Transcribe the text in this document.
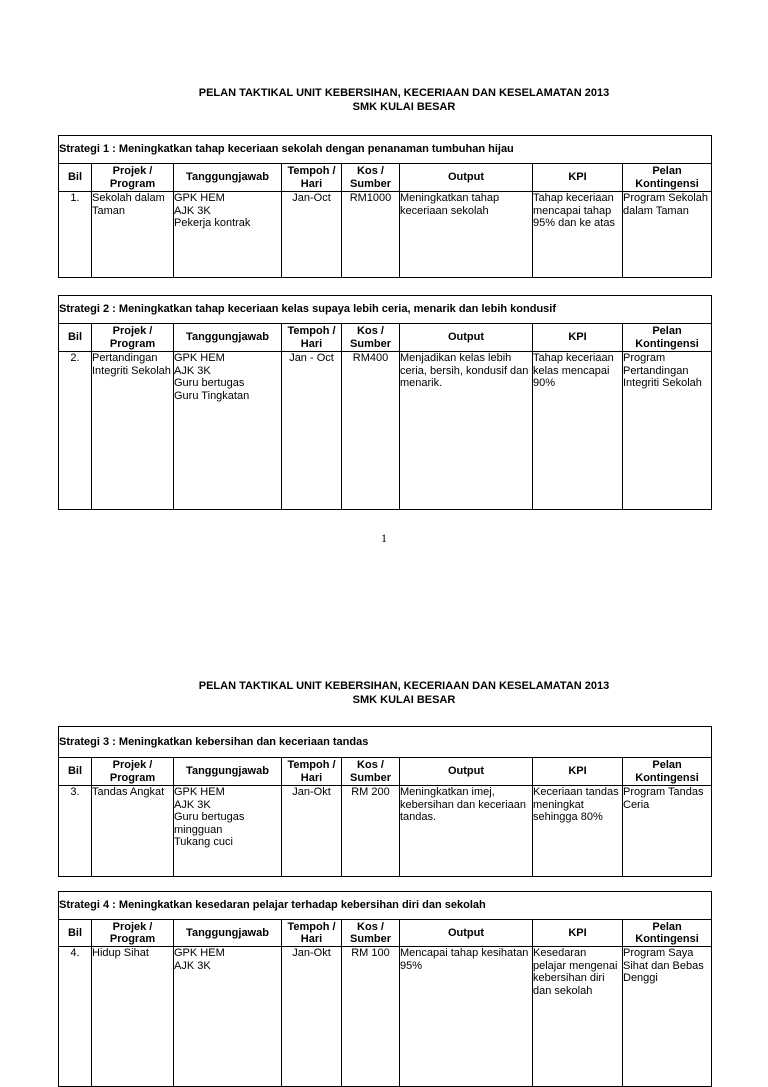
PELAN TAKTIKAL UNIT KEBERSIHAN, KECERIAAN DAN KESELAMATAN 2013
SMK KULAI BESAR
Strategi 1 : Meningkatkan tahap keceriaan sekolah dengan penanaman tumbuhan hijau							
Bil	Projek / Program	Tanggungjawab	Tempoh / Hari	Kos / Sumber	Output	KPI	Pelan Kontingensi
1.	Sekolah dalam Taman	GPK HEM
AJK 3K
Pekerja kontrak	Jan-Oct	RM1000	Meningkatkan tahap keceriaan sekolah	Tahap keceriaan mencapai tahap 95% dan ke atas	Program Sekolah dalam Taman
Strategi 2 : Meningkatkan tahap keceriaan kelas supaya lebih ceria, menarik dan lebih kondusif							
Bil	Projek / Program	Tanggungjawab	Tempoh / Hari	Kos / Sumber	Output	KPI	Pelan Kontingensi
2.	Pertandingan Integriti Sekolah	GPK HEM
AJK 3K
Guru bertugas
Guru Tingkatan	Jan - Oct	RM400	Menjadikan kelas lebih ceria, bersih, kondusif dan menarik.	Tahap keceriaan kelas mencapai 90%	Program Pertandingan Integriti Sekolah
1
PELAN TAKTIKAL UNIT KEBERSIHAN, KECERIAAN DAN KESELAMATAN 2013
SMK KULAI BESAR
Strategi 3 : Meningkatkan kebersihan dan keceriaan tandas							
Bil	Projek / Program	Tanggungjawab	Tempoh / Hari	Kos / Sumber	Output	KPI	Pelan Kontingensi
3.	Tandas Angkat	GPK HEM
AJK 3K
Guru bertugas
mingguan
Tukang cuci	Jan-Okt	RM 200	Meningkatkan imej, kebersihan dan keceriaan tandas.	Keceriaan tandas meningkat sehingga 80%	Program Tandas Ceria
Strategi 4 : Meningkatkan kesedaran pelajar terhadap kebersihan diri dan sekolah							
Bil	Projek / Program	Tanggungjawab	Tempoh / Hari	Kos / Sumber	Output	KPI	Pelan Kontingensi
4.	Hidup Sihat	GPK HEM
AJK 3K	Jan-Okt	RM 100	Mencapai tahap kesihatan 95%	Kesedaran pelajar mengenai kebersihan diri dan sekolah	Program Saya Sihat dan Bebas Denggi
